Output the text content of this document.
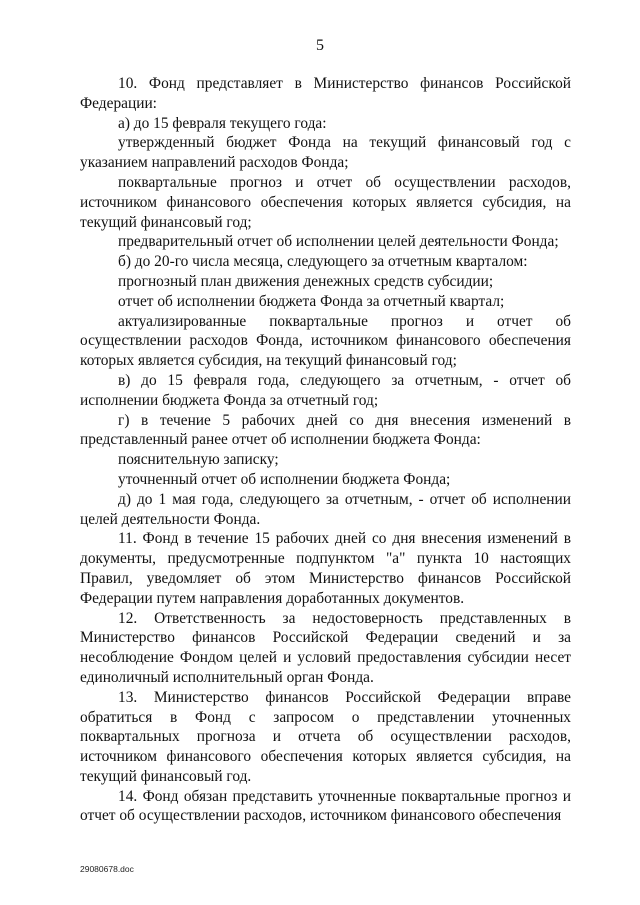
5

10. Фонд представляет в Министерство финансов Российской Федерации:

а) до 15 февраля текущего года:

утвержденный бюджет Фонда на текущий финансовый год с указанием направлений расходов Фонда;

поквартальные прогноз и отчет об осуществлении расходов, источником финансового обеспечения которых является субсидия, на текущий финансовый год;

предварительный отчет об исполнении целей деятельности Фонда;

б) до 20-го числа месяца, следующего за отчетным кварталом:

прогнозный план движения денежных средств субсидии;

отчет об исполнении бюджета Фонда за отчетный квартал;

актуализированные поквартальные прогноз и отчет об осуществлении расходов Фонда, источником финансового обеспечения которых является субсидия, на текущий финансовый год;

в) до 15 февраля года, следующего за отчетным, - отчет об исполнении бюджета Фонда за отчетный год;

г) в течение 5 рабочих дней со дня внесения изменений в представленный ранее отчет об исполнении бюджета Фонда:

пояснительную записку;

уточненный отчет об исполнении бюджета Фонда;

д) до 1 мая года, следующего за отчетным, - отчет об исполнении целей деятельности Фонда.

11. Фонд в течение 15 рабочих дней со дня внесения изменений в документы, предусмотренные подпунктом "а" пункта 10 настоящих Правил, уведомляет об этом Министерство финансов Российской Федерации путем направления доработанных документов.

12. Ответственность за недостоверность представленных в Министерство финансов Российской Федерации сведений и за несоблюдение Фондом целей и условий предоставления субсидии несет единоличный исполнительный орган Фонда.

13. Министерство финансов Российской Федерации вправе обратиться в Фонд с запросом о представлении уточненных поквартальных прогноза и отчета об осуществлении расходов, источником финансового обеспечения которых является субсидия, на текущий финансовый год.

14. Фонд обязан представить уточненные поквартальные прогноз и отчет об осуществлении расходов, источником финансового обеспечения

29080678.doc
